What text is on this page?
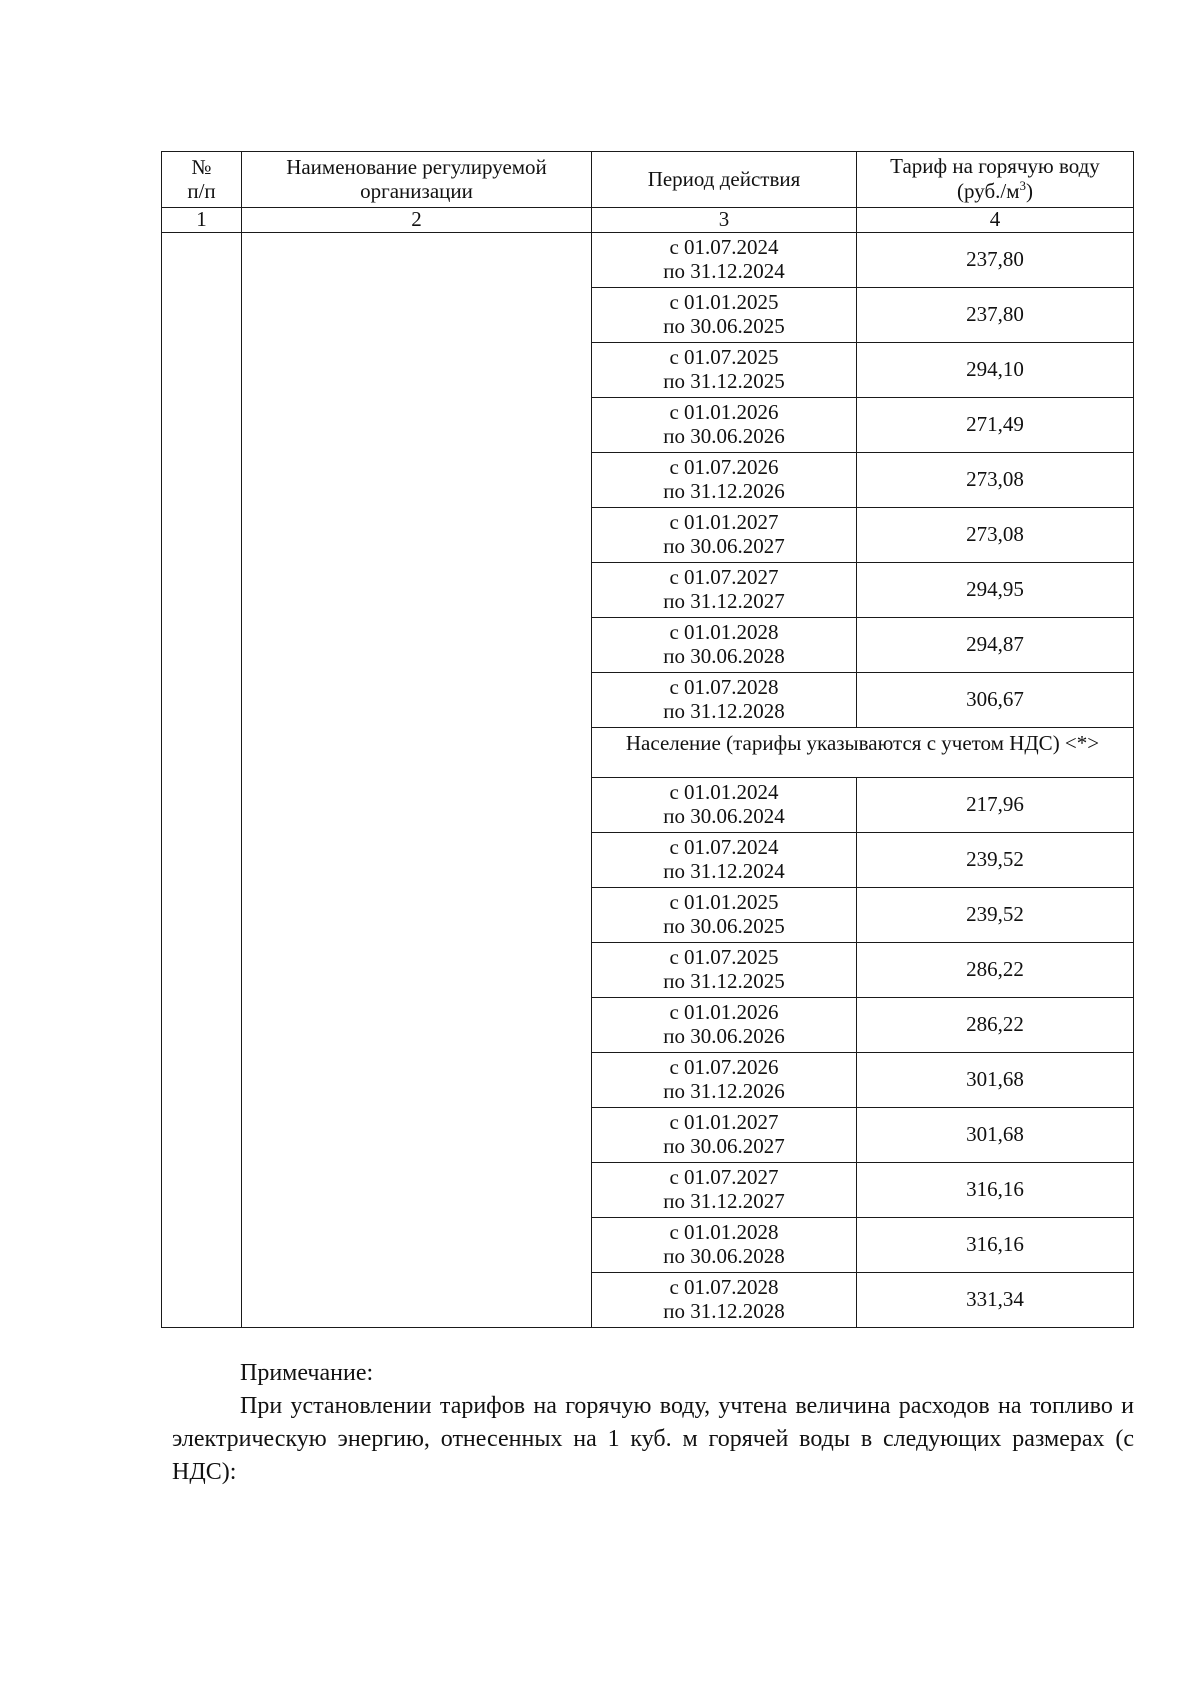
№
п/п	Наименование регулируемой организации	Период действия	Тариф на горячую воду
$(руб./м^3)$
1	2	3	4

		с 01.07.2024
по 31.12.2024	237,80

		с 01.01.2025
по 30.06.2025	237,80

		с 01.07.2025
по 31.12.2025	294,10

		с 01.01.2026
по 30.06.2026	271,49

		с 01.07.2026
по 31.12.2026	273,08

		с 01.01.2027
по 30.06.2027	273,08

		с 01.07.2027
по 31.12.2027	294,95

		с 01.01.2028
по 30.06.2028	294,87

		с 01.07.2028
по 31.12.2028	306,67
		Население (тарифы указываются с учетом НДС) <*>	

		с 01.01.2024
по 30.06.2024	217,96

		с 01.07.2024
по 31.12.2024	239,52

		с 01.01.2025
по 30.06.2025	239,52

		с 01.07.2025
по 31.12.2025	286,22

		с 01.01.2026
по 30.06.2026	286,22

		с 01.07.2026
по 31.12.2026	301,68

		с 01.01.2027
по 30.06.2027	301,68

		с 01.07.2027
по 31.12.2027	316,16

		с 01.01.2028
по 30.06.2028	316,16

		с 01.07.2028
по 31.12.2028	331,34
Примечание:
При установлении тарифов на горячую воду, учтена величина расходов на топливо и электрическую энергию, отнесенных на 1 куб. м горячей воды в следующих размерах (с НДС):
